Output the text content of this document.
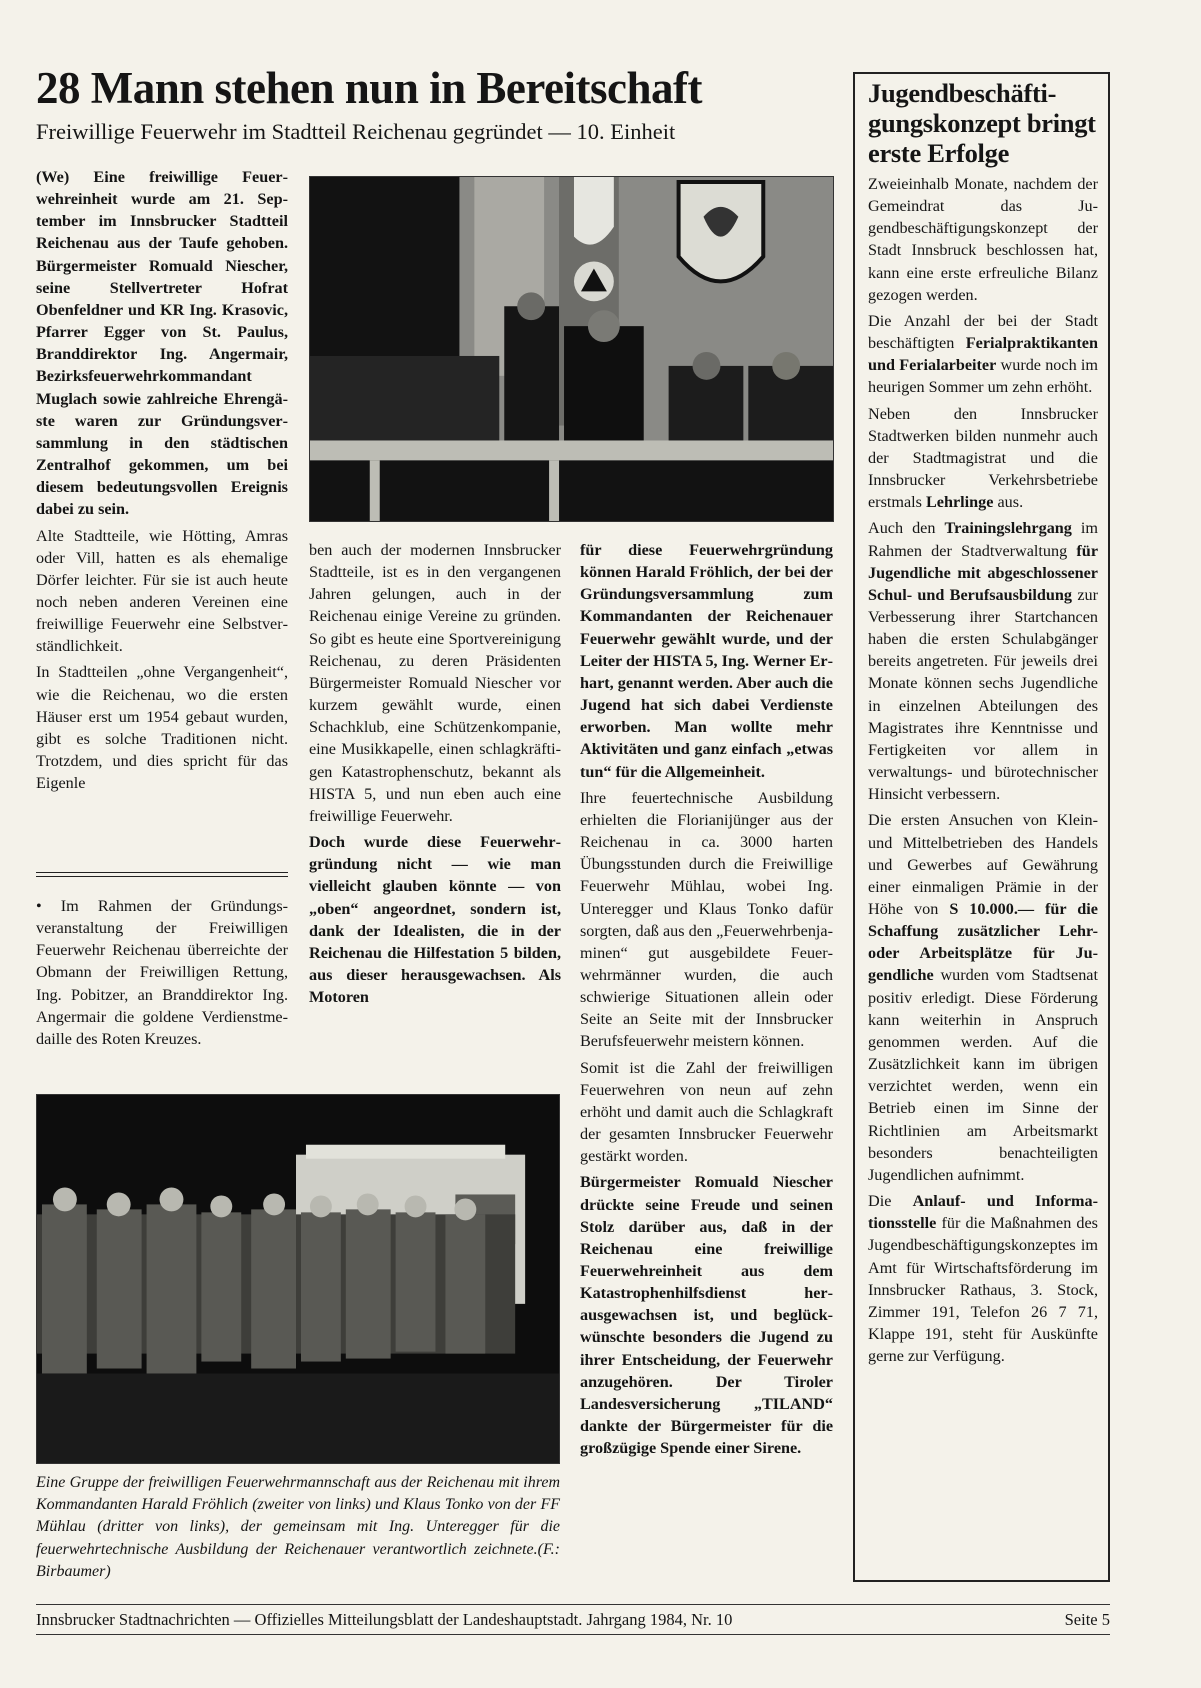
28 Mann stehen nun in Bereitschaft
Freiwillige Feuerwehr im Stadtteil Reichenau gegründet — 10. Einheit

(We) Eine freiwillige Feuerwehreinheit wurde am 21. September im Innsbrucker Stadtteil Reichenau aus der Taufe gehoben. Bürgermeister Romuald Niescher, seine Stellvertreter Hofrat Obenfeldner und KR Ing. Krasovic, Pfarrer Egger von St. Paulus, Branddirektor Ing. Angermair, Bezirksfeuerwehrkommandant Muglach sowie zahlreiche Ehrengäste waren zur Gründungsversammlung in den städtischen Zentralhof gekommen, um bei diesem bedeutungsvollen Ereignis dabei zu sein.

Alte Stadtteile, wie Hötting, Amras oder Vill, hatten es als ehemalige Dörfer leichter. Für sie ist auch heute noch neben anderen Vereinen eine freiwillige Feuerwehr eine Selbstverständlichkeit.

In Stadtteilen „ohne Vergangenheit“, wie die Reichenau, wo die ersten Häuser erst um 1954 gebaut wurden, gibt es solche Traditionen nicht. Trotzdem, und dies spricht für das Eigenle

• Im Rahmen der Gründungsveranstaltung der Freiwilligen Feuerwehr Reichenau überreichte der Obmann der Freiwilligen Rettung, Ing. Pobitzer, an Branddirektor Ing. Angermair die goldene Verdienstmedaille des Roten Kreuzes.

ben auch der modernen Innsbrucker Stadtteile, ist es in den vergangenen Jahren gelungen, auch in der Reichenau einige Vereine zu gründen. So gibt es heute eine Sportvereinigung Reichenau, zu deren Präsidenten Bürgermeister Romuald Niescher vor kurzem gewählt wurde, einen Schachklub, eine Schützenkompanie, eine Musikkapelle, einen schlagkräftigen Katastrophenschutz, bekannt als HISTA 5, und nun eben auch eine freiwillige Feuerwehr.

Doch wurde diese Feuerwehrgründung nicht — wie man vielleicht glauben könnte — von „oben“ angeordnet, sondern ist, dank der Idealisten, die in der Reichenau die Hilfestation 5 bilden, aus dieser herausgewachsen. Als Motoren

für diese Feuerwehrgründung können Harald Fröhlich, der bei der Gründungsversammlung zum Kommandanten der Reichenauer Feuerwehr gewählt wurde, und der Leiter der HISTA 5, Ing. Werner Erhart, genannt werden. Aber auch die Jugend hat sich dabei Verdienste erworben. Man wollte mehr Aktivitäten und ganz einfach „etwas tun“ für die Allgemeinheit.

Ihre feuertechnische Ausbildung erhielten die Florianijünger aus der Reichenau in ca. 3000 harten Übungsstunden durch die Freiwillige Feuerwehr Mühlau, wobei Ing. Unteregger und Klaus Tonko dafür sorgten, daß aus den „Feuerwehrbenjaminen“ gut ausgebildete Feuerwehrmänner wurden, die auch schwierige Situationen allein oder Seite an Seite mit der Innsbrucker Berufsfeuerwehr meistern können.

Somit ist die Zahl der freiwilligen Feuerwehren von neun auf zehn erhöht und damit auch die Schlagkraft der gesamten Innsbrucker Feuerwehr gestärkt worden.

Bürgermeister Romuald Niescher drückte seine Freude und seinen Stolz darüber aus, daß in der Reichenau eine freiwillige Feuerwehreinheit aus dem Katastrophenhilfsdienst herausgewachsen ist, und beglückwünschte besonders die Jugend zu ihrer Entscheidung, der Feuerwehr anzugehören. Der Tiroler Landesversicherung „TILAND“ dankte der Bürgermeister für die großzügige Spende einer Sirene.

Eine Gruppe der freiwilligen Feuerwehrmannschaft aus der Reichenau mit ihrem Kommandanten Harald Fröhlich (zweiter von links) und Klaus Tonko von der FF Mühlau (dritter von links), der gemeinsam mit Ing. Unteregger für die feuerwehrtechnische Ausbildung der Reichenauer verantwortlich zeichnete.(F.: Birbaumer)
Jugendbeschäftigungskonzept bringt erste Erfolge

Zweieinhalb Monate, nachdem der Gemeindrat das Jugendbeschäftigungskonzept der Stadt Innsbruck beschlossen hat, kann eine erste erfreuliche Bilanz gezogen werden.

Die Anzahl der bei der Stadt beschäftigten Ferialpraktikanten und Ferialarbeiter wurde noch im heurigen Sommer um zehn erhöht.

Neben den Innsbrucker Stadtwerken bilden nunmehr auch der Stadtmagistrat und die Innsbrucker Verkehrsbetriebe erstmals Lehrlinge aus.

Auch den Trainingslehrgang im Rahmen der Stadtverwaltung für Jugendliche mit abgeschlossener Schul- und Berufsausbildung zur Verbesserung ihrer Startchancen haben die ersten Schulabgänger bereits angetreten. Für jeweils drei Monate können sechs Jugendliche in einzelnen Abteilungen des Magistrates ihre Kenntnisse und Fertigkeiten vor allem in verwaltungs- und bürotechnischer Hinsicht verbessern.

Die ersten Ansuchen von Klein- und Mittelbetrieben des Handels und Gewerbes auf Gewährung einer einmaligen Prämie in der Höhe von S 10.000.— für die Schaffung zusätzlicher Lehr- oder Arbeitsplätze für Jugendliche wurden vom Stadtsenat positiv erledigt. Diese Förderung kann weiterhin in Anspruch genommen werden. Auf die Zusätzlichkeit kann im übrigen verzichtet werden, wenn ein Betrieb einen im Sinne der Richtlinien am Arbeitsmarkt besonders benachteiligten Jugendlichen aufnimmt.

Die Anlauf- und Informationsstelle für die Maßnahmen des Jugendbeschäftigungskonzeptes im Amt für Wirtschaftsförderung im Innsbrucker Rathaus, 3. Stock, Zimmer 191, Telefon 26 7 71, Klappe 191, steht für Auskünfte gerne zur Verfügung.

Innsbrucker Stadtnachrichten — Offizielles Mitteilungsblatt der Landeshauptstadt. Jahrgang 1984, Nr. 10	Seite 5
